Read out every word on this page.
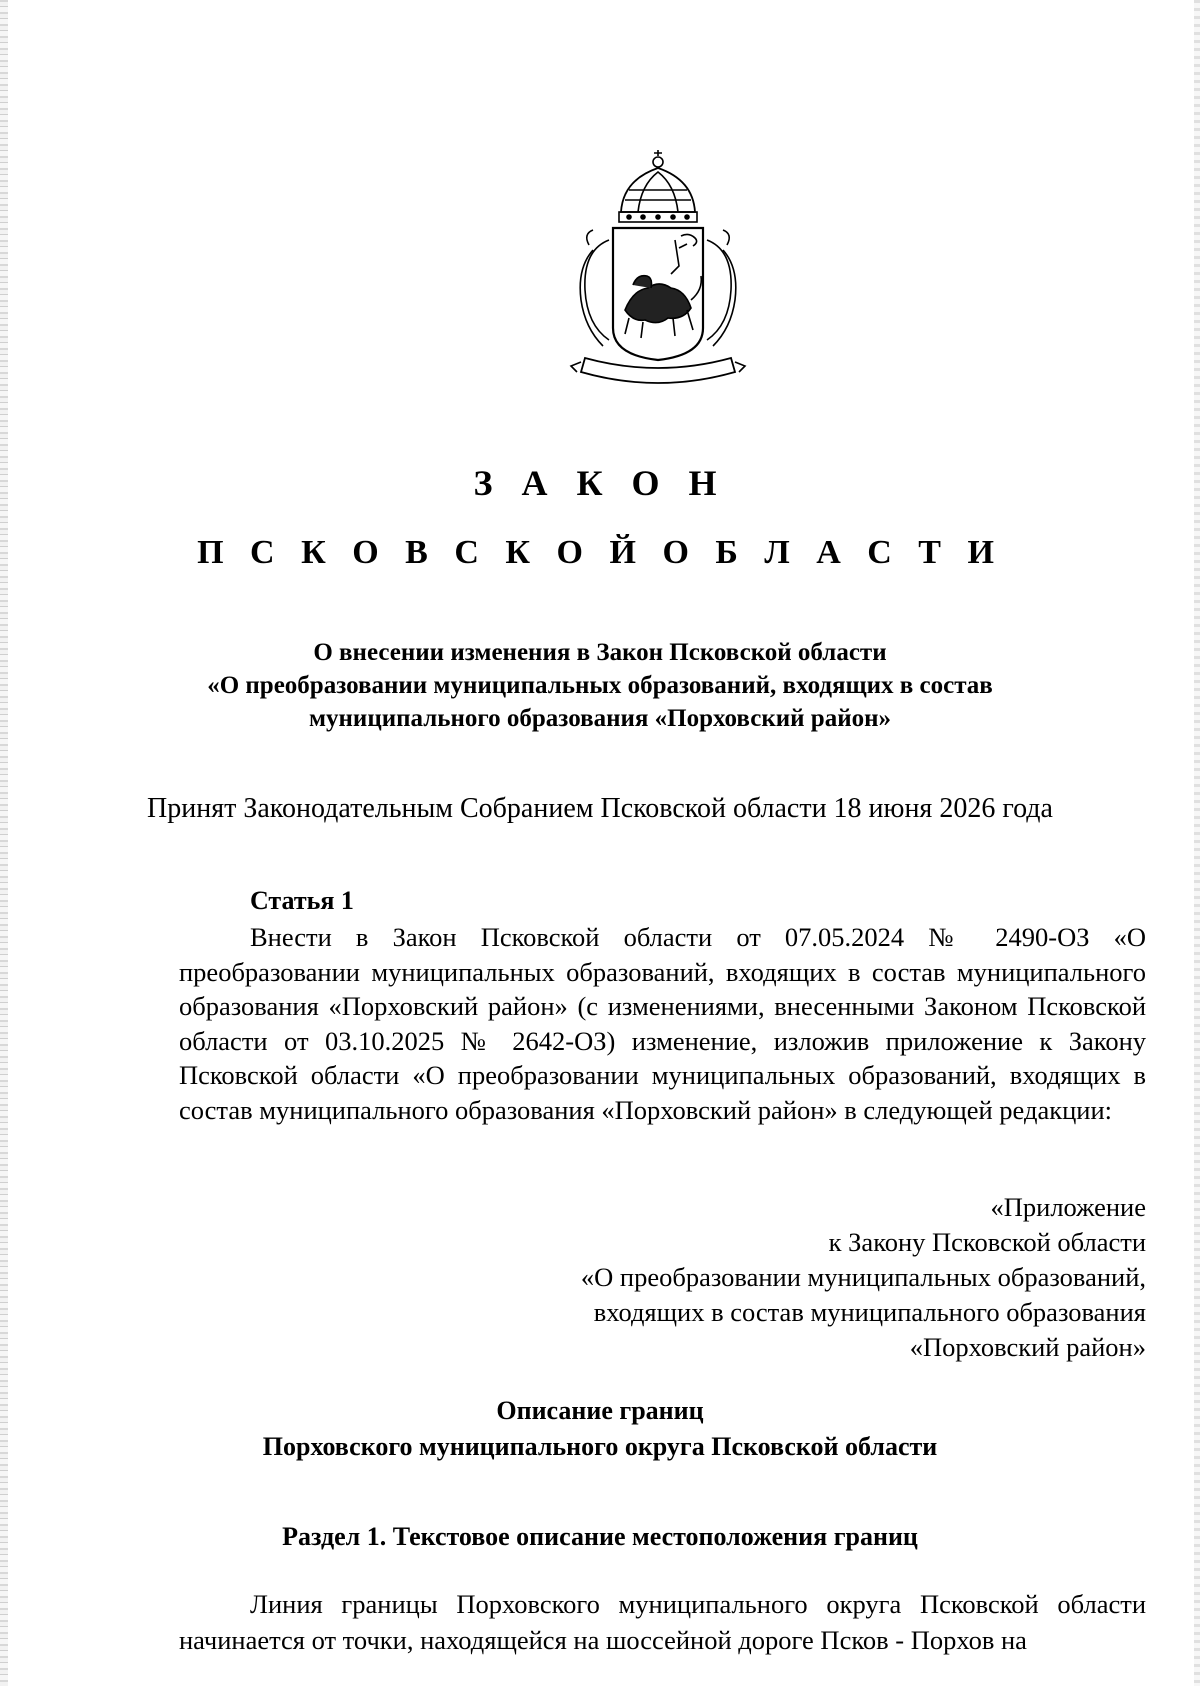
З А К О Н
П С К О В С К О Й О Б Л А С Т И
О внесении изменения в Закон Псковской области
«О преобразовании муниципальных образований, входящих в состав
муниципального образования «Порховский район»
Принят Законодательным Собранием Псковской области 18 июня 2026 года
Статья 1
Внести в Закон Псковской области от 07.05.2024 № 2490-ОЗ «О преобразовании муниципальных образований, входящих в состав муниципального образования «Порховский район» (с изменениями, внесенными Законом Псковской области от 03.10.2025 № 2642-ОЗ) изменение, изложив приложение к Закону Псковской области «О преобразовании муниципальных образований, входящих в состав муниципального образования «Порховский район» в следующей редакции:
«Приложение
к Закону Псковской области
«О преобразовании муниципальных образований,
входящих в состав муниципального образования
«Порховский район»
Описание границ
Порховского муниципального округа Псковской области
Раздел 1. Текстовое описание местоположения границ
Линия границы Порховского муниципального округа Псковской области начинается от точки, находящейся на шоссейной дороге Псков - Порхов на
